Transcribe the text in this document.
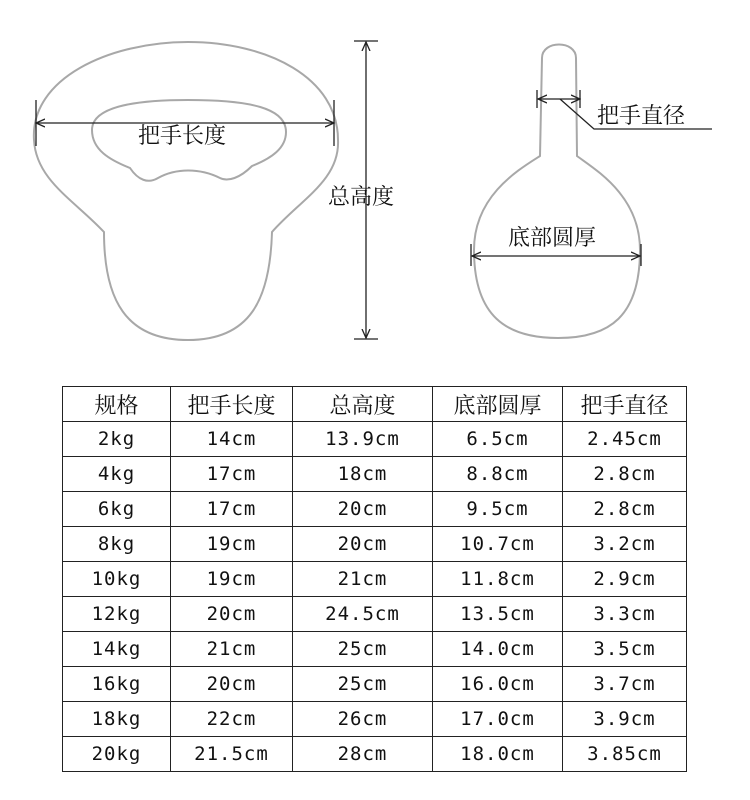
把手长度
总高度
把手直径
底部圆厚
规格	把手长度	总高度	底部圆厚	把手直径
2kg	14cm	13.9cm	6.5cm	2.45cm
4kg	17cm	18cm	8.8cm	2.8cm
6kg	17cm	20cm	9.5cm	2.8cm
8kg	19cm	20cm	10.7cm	3.2cm
10kg	19cm	21cm	11.8cm	2.9cm
12kg	20cm	24.5cm	13.5cm	3.3cm
14kg	21cm	25cm	14.0cm	3.5cm
16kg	20cm	25cm	16.0cm	3.7cm
18kg	22cm	26cm	17.0cm	3.9cm
20kg	21.5cm	28cm	18.0cm	3.85cm
